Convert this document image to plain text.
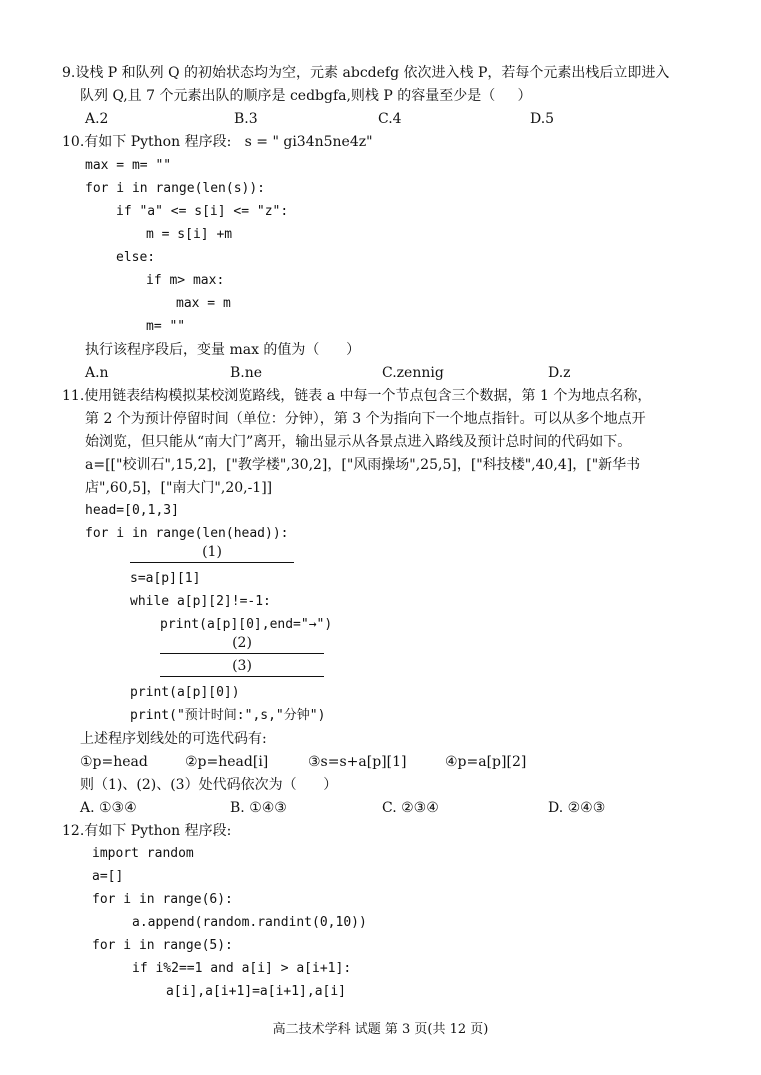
9.设栈 P 和队列 Q 的初始状态均为空，元素 abcdefg 依次进入栈 P，若每个元素出栈后立即进入
队列 Q,且 7 个元素出队的顺序是 cedbgfa,则栈 P 的容量至少是（     ）
A.2	B.3	C.4	D.5
10.有如下 Python 程序段:   s = " gi34n5ne4z"
max = m= ""
for i in range(len(s)):
if "a" <= s[i] <= "z":
m = s[i] +m
else:
if m> max:
max = m
m= ""
执行该程序段后，变量 max 的值为（      ）
A.n	B.ne	C.zennig	D.z
11.使用链表结构模拟某校浏览路线，链表 a 中每一个节点包含三个数据，第 1 个为地点名称，
第 2 个为预计停留时间（单位：分钟），第 3 个为指向下一个地点指针。可以从多个地点开
始浏览，但只能从“南大门”离开，输出显示从各景点进入路线及预计总时间的代码如下。
a=[["校训石",15,2]，["教学楼",30,2]，["风雨操场",25,5]，["科技楼",40,4]，["新华书
店",60,5]，["南大门",20,-1]]
head=[0,1,3]
for i in range(len(head)):
(1)
s=a[p][1]
while a[p][2]!=-1:
print(a[p][0],end="→")
(2)
(3)
print(a[p][0])
print("预计时间:",s,"分钟")
上述程序划线处的可选代码有:
①p=head	②p=head[i]	③s=s+a[p][1]	④p=a[p][2]
则（1)、(2)、(3）处代码依次为（      ）
A. ①③④	B. ①④③	C. ②③④	D. ②④③
12.有如下 Python 程序段:
import random
a=[]
for i in range(6):
a.append(random.randint(0,10))
for i in range(5):
if i%2==1 and a[i] > a[i+1]:
a[i],a[i+1]=a[i+1],a[i]
高二技术学科 试题 第 3 页(共 12 页)
